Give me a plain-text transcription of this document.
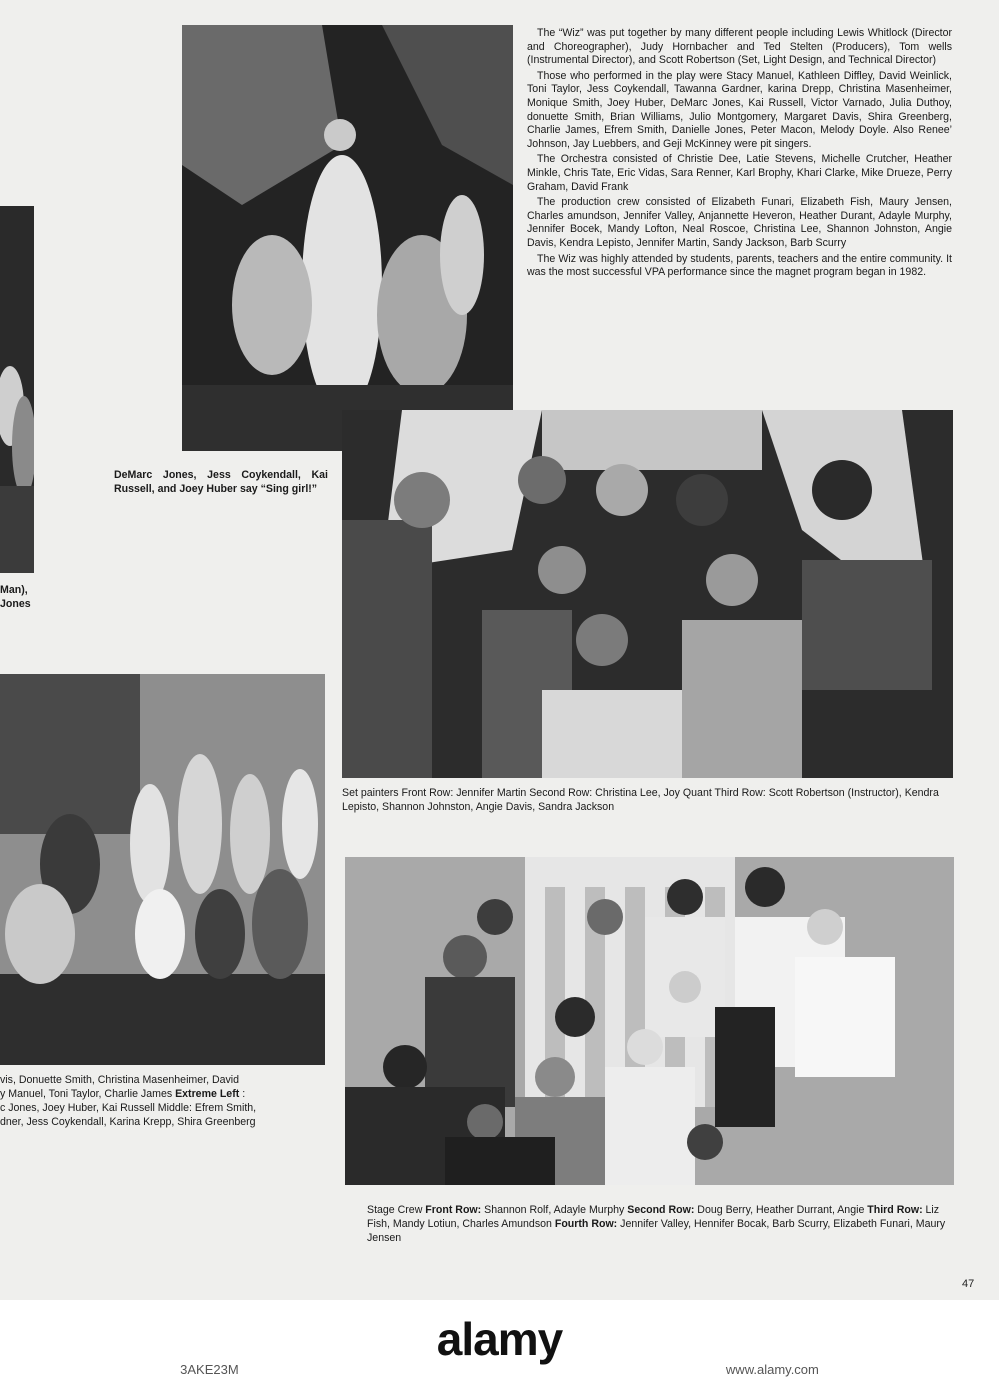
The “Wiz” was put together by many different people including Lewis Whitlock (Director and Choreographer), Judy Hornbacher and Ted Stelten (Producers), Tom wells (Instrumental Director), and Scott Robertson (Set, Light Design, and Technical Director)

Those who performed in the play were Stacy Manuel, Kathleen Diffley, David Weinlick, Toni Taylor, Jess Coykendall, Tawanna Gardner, karina Drepp, Christina Masenheimer, Monique Smith, Joey Huber, DeMarc Jones, Kai Russell, Victor Varnado, Julia Duthoy, donuette Smith, Brian Williams, Julio Montgomery, Margaret Davis, Shira Greenberg, Charlie James, Efrem Smith, Danielle Jones, Peter Macon, Melody Doyle. Also Renee’ Johnson, Jay Luebbers, and Geji McKinney were pit singers.

The Orchestra consisted of Christie Dee, Latie Stevens, Michelle Crutcher, Heather Minkle, Chris Tate, Eric Vidas, Sara Renner, Karl Brophy, Khari Clarke, Mike Drueze, Perry Graham, David Frank

The production crew consisted of Elizabeth Funari, Elizabeth Fish, Maury Jensen, Charles amundson, Jennifer Valley, Anjannette Heveron, Heather Durant, Adayle Murphy, Jennifer Bocek, Mandy Lofton, Neal Roscoe, Christina Lee, Shannon Johnston, Angie Davis, Kendra Lepisto, Jennifer Martin, Sandy Jackson, Barb Scurry

The Wiz was highly attended by students, parents, teachers and the entire community. It was the most successful VPA performance since the magnet program began in 1982.

DeMarc Jones, Jess Coykendall, Kai Russell, and Joey Huber say “Sing girl!”
Man),
Jones
Set painters Front Row: Jennifer Martin Second Row: Christina Lee, Joy Quant Third Row: Scott Robertson (Instructor), Kendra Lepisto, Shannon Johnston, Angie Davis, Sandra Jackson
vis, Donuette Smith, Christina Masenheimer, David
y Manuel, Toni Taylor, Charlie James Extreme Left :
c Jones, Joey Huber, Kai Russell Middle: Efrem Smith,
dner, Jess Coykendall, Karina Krepp, Shira Greenberg
Stage Crew Front Row: Shannon Rolf, Adayle Murphy Second Row: Doug Berry, Heather Durrant, Angie Third Row: Liz Fish, Mandy Lotiun, Charles Amundson Fourth Row: Jennifer Valley, Hennifer Bocak, Barb Scurry, Elizabeth Funari, Maury Jensen
47
alamy
3AKE23M	www.alamy.com
